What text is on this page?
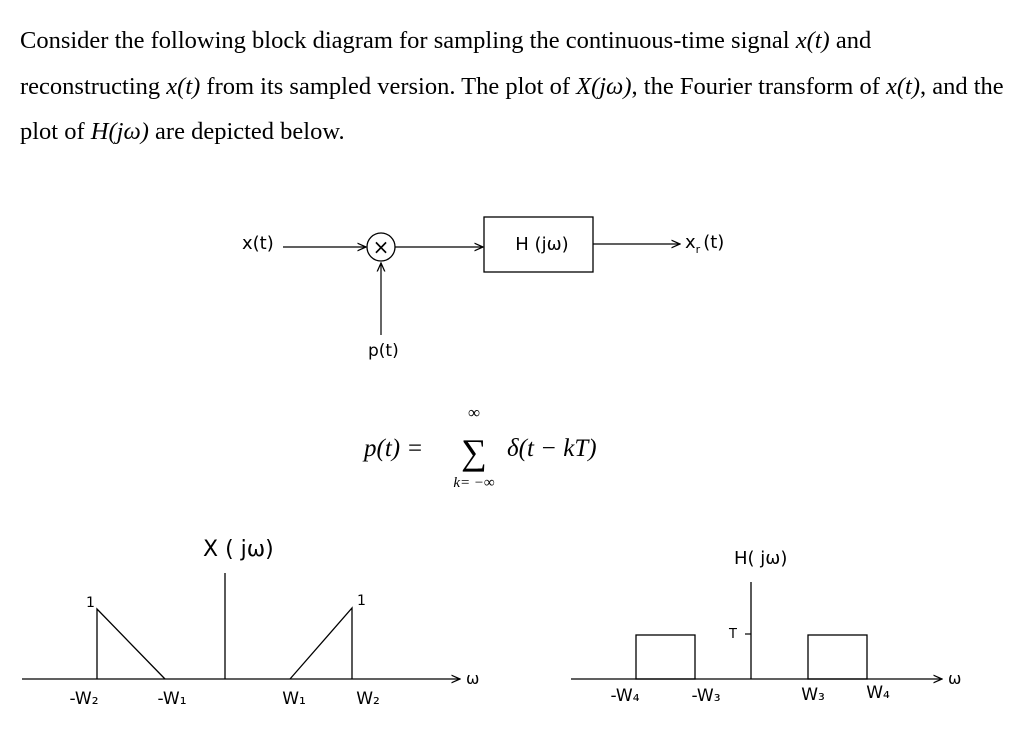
Consider the following block diagram for sampling the continuous-time signal x(t) and reconstructing x(t) from its sampled version. The plot of X(jω), the Fourier transform of x(t), and the plot of H(jω) are depicted below.

x(t)	×	H (jω)	$x_r$ (t)
p(t)
p(t) =
∞
∑
k= −∞
δ(t − kT)
X ( jω)
1	1
ω
-W₂	-W₁	W₁	W₂
H( jω)
T
ω
-W₄	-W₃	W₃ W₄
